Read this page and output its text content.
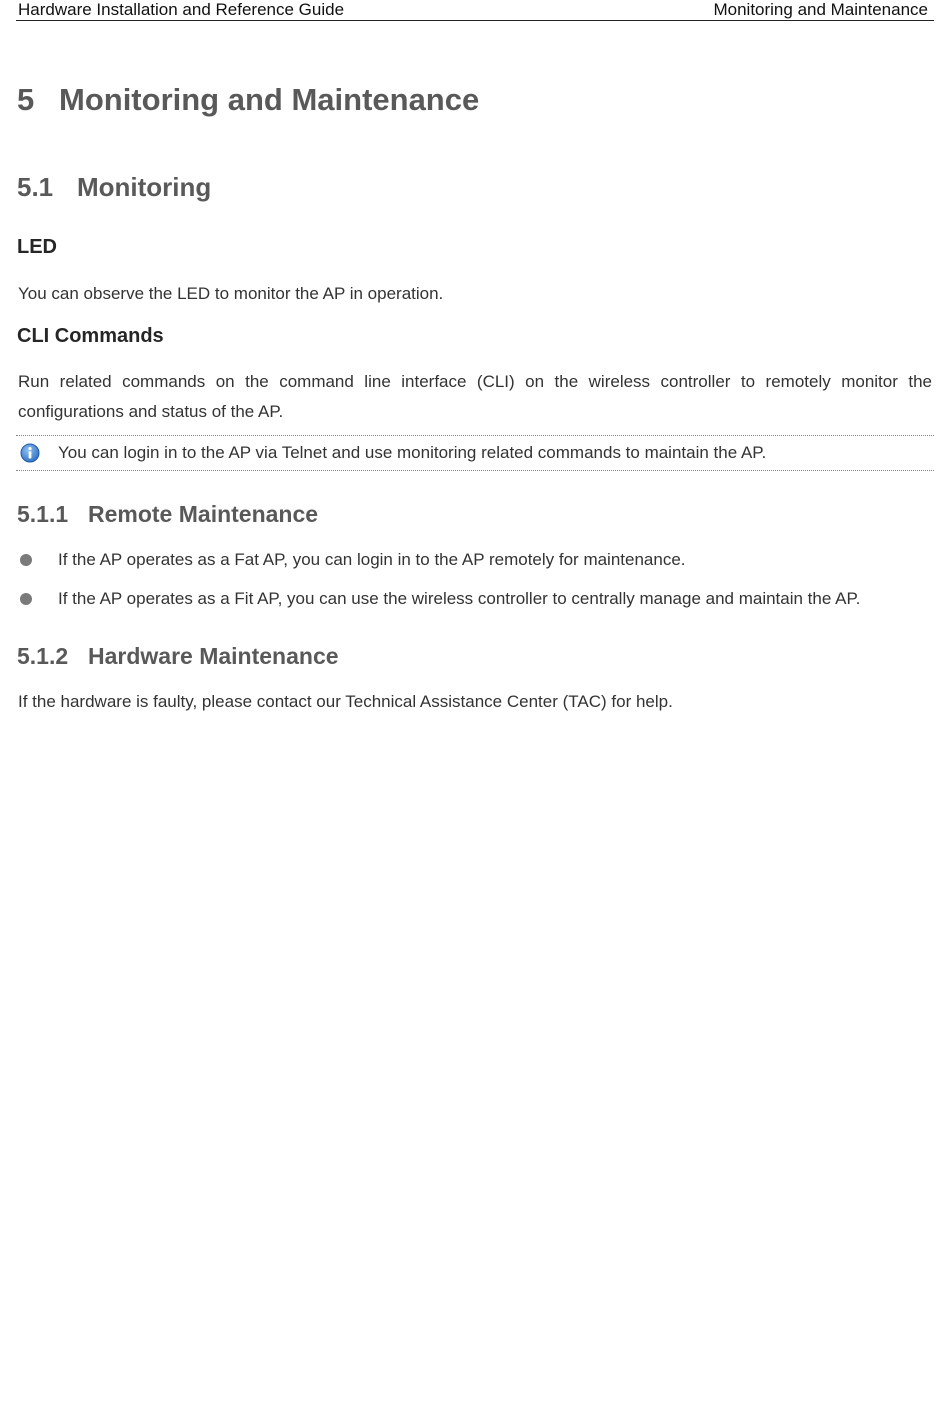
Hardware Installation and Reference Guide	Monitoring and Maintenance
5 Monitoring and Maintenance
5.1 Monitoring
LED

You can observe the LED to monitor the AP in operation.

CLI Commands

Run related commands on the command line interface (CLI) on the wireless controller to remotely monitor the configurations and status of the AP.

You can login in to the AP via Telnet and use monitoring related commands to maintain the AP.
5.1.1 Remote Maintenance
If the AP operates as a Fat AP, you can login in to the AP remotely for maintenance.
If the AP operates as a Fit AP, you can use the wireless controller to centrally manage and maintain the AP.
5.1.2 Hardware Maintenance

If the hardware is faulty, please contact our Technical Assistance Center (TAC) for help.
